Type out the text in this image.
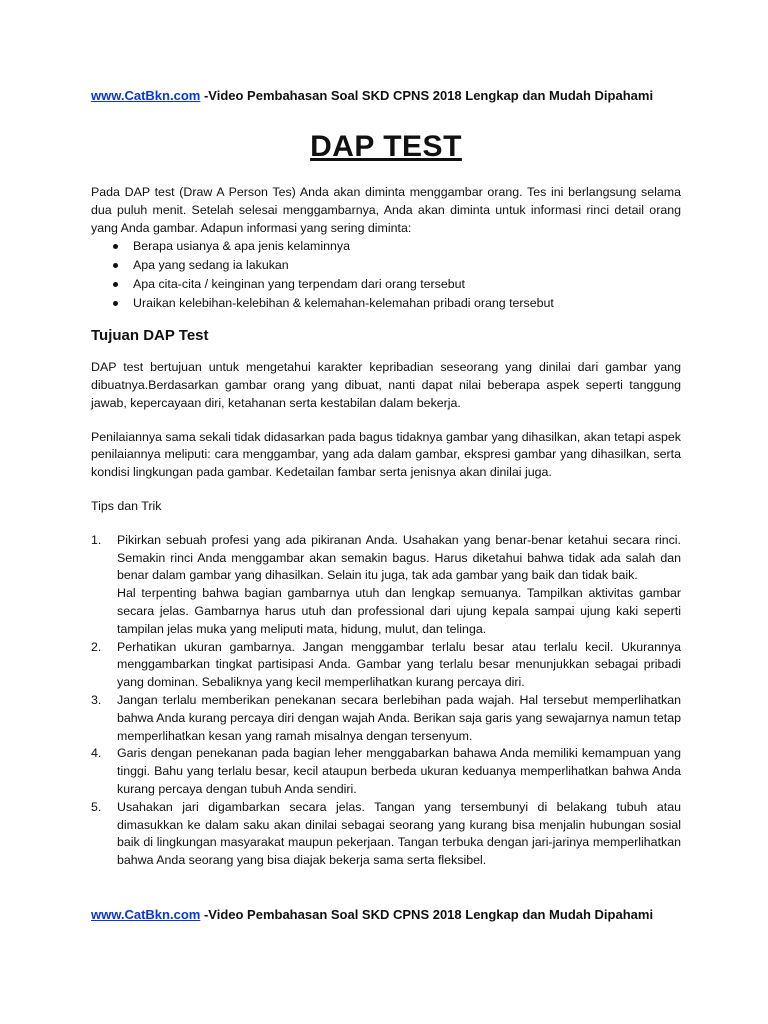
www.CatBkn.com -Video Pembahasan Soal SKD CPNS 2018 Lengkap dan Mudah Dipahami
DAP TEST

Pada DAP test (Draw A Person Tes) Anda akan diminta menggambar orang. Tes ini berlangsung selama dua puluh menit. Setelah selesai menggambarnya, Anda akan diminta untuk informasi rinci detail orang yang Anda gambar. Adapun informasi yang sering diminta:

Berapa usianya & apa jenis kelaminnya
Apa yang sedang ia lakukan
Apa cita-cita / keinginan yang terpendam dari orang tersebut
Uraikan kelebihan-kelebihan & kelemahan-kelemahan pribadi orang tersebut
Tujuan DAP Test

DAP test bertujuan untuk mengetahui karakter kepribadian seseorang yang dinilai dari gambar yang dibuatnya.Berdasarkan gambar orang yang dibuat, nanti dapat nilai beberapa aspek seperti tanggung jawab, kepercayaan diri, ketahanan serta kestabilan dalam bekerja.

Penilaiannya sama sekali tidak didasarkan pada bagus tidaknya gambar yang dihasilkan, akan tetapi aspek penilaiannya meliputi: cara menggambar, yang ada dalam gambar, ekspresi gambar yang dihasilkan, serta kondisi lingkungan pada gambar. Kedetailan fambar serta jenisnya akan dinilai juga.

Tips dan Trik

1. Pikirkan sebuah profesi yang ada pikiranan Anda. Usahakan yang benar-benar ketahui secara rinci. Semakin rinci Anda menggambar akan semakin bagus. Harus diketahui bahwa tidak ada salah dan benar dalam gambar yang dihasilkan. Selain itu juga, tak ada gambar yang baik dan tidak baik.
Hal terpenting bahwa bagian gambarnya utuh dan lengkap semuanya. Tampilkan aktivitas gambar secara jelas. Gambarnya harus utuh dan professional dari ujung kepala sampai ujung kaki seperti tampilan jelas muka yang meliputi mata, hidung, mulut, dan telinga.
2. Perhatikan ukuran gambarnya. Jangan menggambar terlalu besar atau terlalu kecil. Ukurannya menggambarkan tingkat partisipasi Anda. Gambar yang terlalu besar menunjukkan sebagai pribadi yang dominan. Sebaliknya yang kecil memperlihatkan kurang percaya diri.
3. Jangan terlalu memberikan penekanan secara berlebihan pada wajah. Hal tersebut memperlihatkan bahwa Anda kurang percaya diri dengan wajah Anda. Berikan saja garis yang sewajarnya namun tetap memperlihatkan kesan yang ramah misalnya dengan tersenyum.
4. Garis dengan penekanan pada bagian leher menggabarkan bahawa Anda memiliki kemampuan yang tinggi. Bahu yang terlalu besar, kecil ataupun berbeda ukuran keduanya memperlihatkan bahwa Anda kurang percaya dengan tubuh Anda sendiri.
5. Usahakan jari digambarkan secara jelas. Tangan yang tersembunyi di belakang tubuh atau dimasukkan ke dalam saku akan dinilai sebagai seorang yang kurang bisa menjalin hubungan sosial baik di lingkungan masyarakat maupun pekerjaan. Tangan terbuka dengan jari-jarinya memperlihatkan bahwa Anda seorang yang bisa diajak bekerja sama serta fleksibel.
www.CatBkn.com -Video Pembahasan Soal SKD CPNS 2018 Lengkap dan Mudah Dipahami
